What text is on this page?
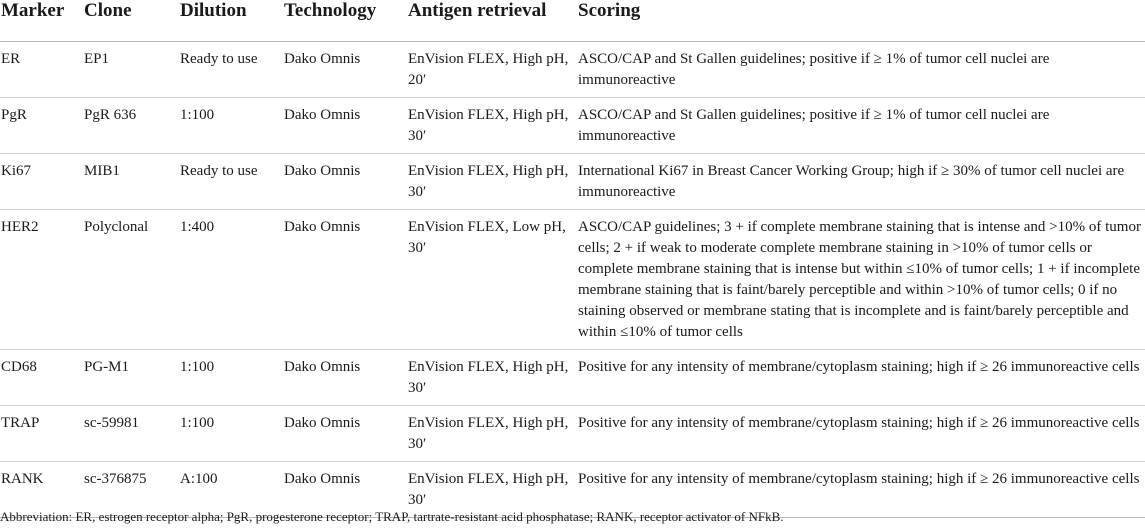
Marker	Clone	Dilution	Technology	Antigen retrieval	Scoring
ER	EP1	Ready to use	Dako Omnis	EnVision FLEX, High pH, 20′	ASCO/CAP and St Gallen guidelines; positive if ≥ 1% of tumor cell nuclei are immunoreactive
PgR	PgR 636	1:100	Dako Omnis	EnVision FLEX, High pH, 30′	ASCO/CAP and St Gallen guidelines; positive if ≥ 1% of tumor cell nuclei are immunoreactive
Ki67	MIB1	Ready to use	Dako Omnis	EnVision FLEX, High pH, 30′	International Ki67 in Breast Cancer Working Group; high if ≥ 30% of tumor cell nuclei are immunoreactive
HER2	Polyclonal	1:400	Dako Omnis	EnVision FLEX, Low pH, 30′	ASCO/CAP guidelines; 3 + if complete membrane staining that is intense and >10% of tumor cells; 2 + if weak to moderate complete membrane staining in >10% of tumor cells or complete membrane staining that is intense but within ≤10% of tumor cells; 1 + if incomplete membrane staining that is faint/barely perceptible and within >10% of tumor cells; 0 if no staining observed or membrane stating that is incomplete and is faint/barely perceptible and within ≤10% of tumor cells
CD68	PG-M1	1:100	Dako Omnis	EnVision FLEX, High pH, 30′	Positive for any intensity of membrane/cytoplasm staining; high if ≥ 26 immunoreactive cells
TRAP	sc-59981	1:100	Dako Omnis	EnVision FLEX, High pH, 30′	Positive for any intensity of membrane/cytoplasm staining; high if ≥ 26 immunoreactive cells
RANK	sc-376875	A:100	Dako Omnis	EnVision FLEX, High pH, 30′	Positive for any intensity of membrane/cytoplasm staining; high if ≥ 26 immunoreactive cells
Abbreviation: ER, estrogen receptor alpha; PgR, progesterone receptor; TRAP, tartrate-resistant acid phosphatase; RANK, receptor activator of NFkB.
